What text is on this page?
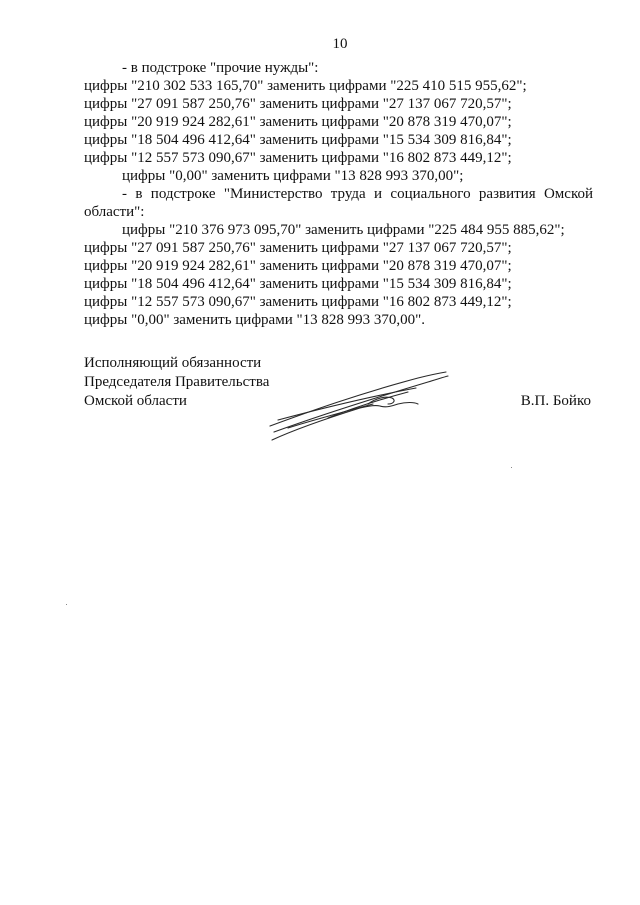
10
- в подстроке "прочие нужды":
цифры "210 302 533 165,70" заменить цифрами "225 410 515 955,62";
цифры "27 091 587 250,76" заменить цифрами "27 137 067 720,57";
цифры "20 919 924 282,61" заменить цифрами "20 878 319 470,07";
цифры "18 504 496 412,64" заменить цифрами "15 534 309 816,84";
цифры "12 557 573 090,67" заменить цифрами "16 802 873 449,12";
цифры "0,00" заменить цифрами "13 828 993 370,00";
- в подстроке "Министерство труда и социального развития Омской
области":
цифры "210 376 973 095,70" заменить цифрами "225 484 955 885,62";
цифры "27 091 587 250,76" заменить цифрами "27 137 067 720,57";
цифры "20 919 924 282,61" заменить цифрами "20 878 319 470,07";
цифры "18 504 496 412,64" заменить цифрами "15 534 309 816,84";
цифры "12 557 573 090,67" заменить цифрами "16 802 873 449,12";
цифры "0,00" заменить цифрами "13 828 993 370,00".
Исполняющий обязанности
Председателя Правительства
Омской области	В.П. Бойко
